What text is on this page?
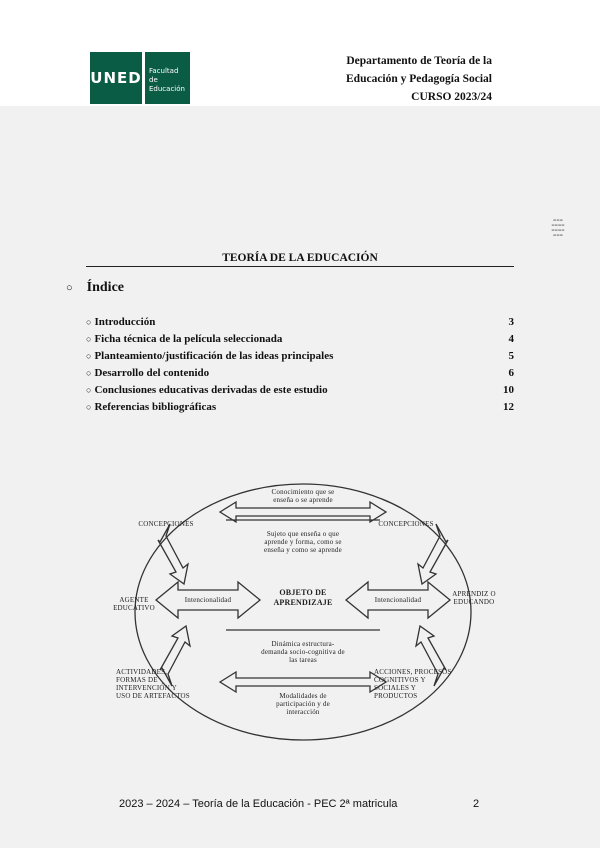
UNED Facultad
de Educación
Departamento de Teoría de la
Educación y Pedagogía Social
CURSO 2023/24
▬▬▬
▬▬▬▬
▬▬▬▬
▬▬▬
TEORÍA DE LA EDUCACIÓN
○ Índice
○ Introducción	3
○ Ficha técnica de la película seleccionada	4
○ Planteamiento/justificación de las ideas principales	5
○ Desarrollo del contenido	6
○ Conclusiones educativas derivadas de este estudio	10
○ Referencias bibliográficas	12
Conocimiento que se
enseña o se aprende
Sujeto que enseña o que
aprende y forma, como se
enseña y como se aprende
CONCEPCIONES	CONCEPCIONES
AGENTE
EDUCATIVO
APRENDIZ O
EDUCANDO
Intencionalidad	Intencionalidad
OBJETO DE
APRENDIZAJE
Dinámica estructura-
demanda socio-cognitiva de
las tareas
ACTIVIDADES,
FORMAS DE
INTERVENCIÓN Y
USO DE ARTEFACTOS
ACCIONES, PROCESOS
COGNITIVOS Y
SOCIALES Y
PRODUCTOS
Modalidades de
participación y de
interacción
2023 – 2024 – Teoría de la Educación - PEC 2ª matricula	2
